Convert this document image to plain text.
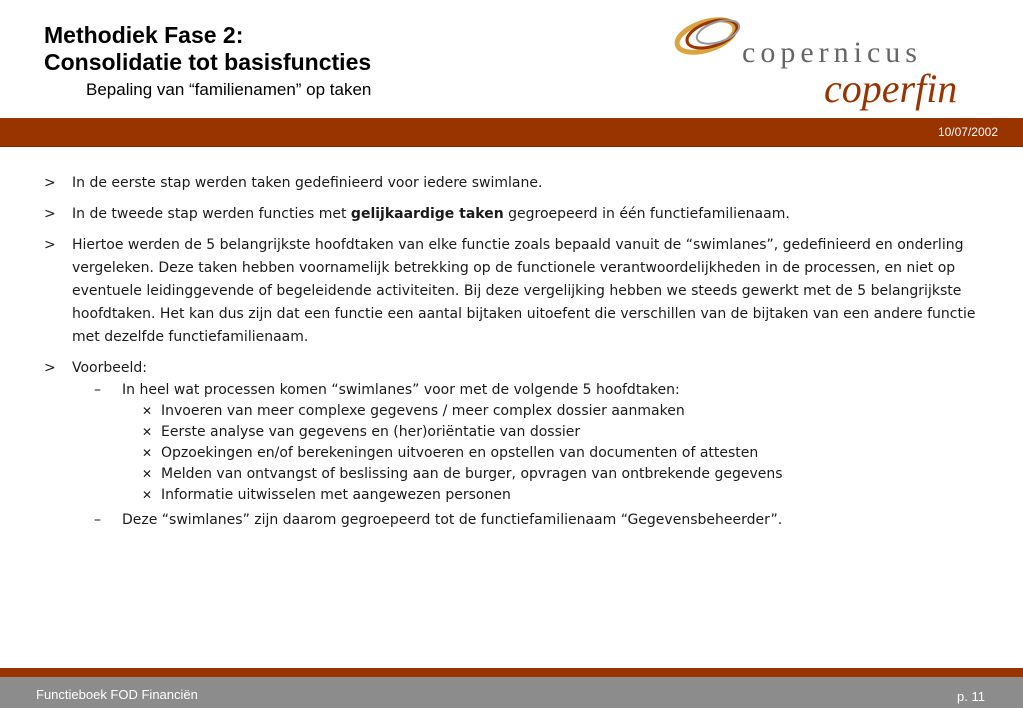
Methodiek Fase 2:
Consolidatie tot basisfuncties
Bepaling van “familienamen” op taken
copernicus
coperfin
10/07/2002
> In de eerste stap werden taken gedefinieerd voor iedere swimlane.
> In de tweede stap werden functies met gelijkaardige taken gegroepeerd in één functiefamilienaam.
> Hiertoe werden de 5 belangrijkste hoofdtaken van elke functie zoals bepaald vanuit de “swimlanes”, gedefinieerd en onderling vergeleken. Deze taken hebben voornamelijk betrekking op de functionele verantwoordelijkheden in de processen, en niet op eventuele leidinggevende of begeleidende activiteiten. Bij deze vergelijking hebben we steeds gewerkt met de 5 belangrijkste hoofdtaken. Het kan dus zijn dat een functie een aantal bijtaken uitoefent die verschillen van de bijtaken van een andere functie met dezelfde functiefamilienaam.
> Voorbeeld:
– In heel wat processen komen “swimlanes” voor met de volgende 5 hoofdtaken:
✕ Invoeren van meer complexe gegevens / meer complex dossier aanmaken
✕ Eerste analyse van gegevens en (her)oriëntatie van dossier
✕ Opzoekingen en/of berekeningen uitvoeren en opstellen van documenten of attesten
✕ Melden van ontvangst of beslissing aan de burger, opvragen van ontbrekende gegevens
✕ Informatie uitwisselen met aangewezen personen
– Deze “swimlanes” zijn daarom gegroepeerd tot de functiefamilienaam “Gegevensbeheerder”.
Functieboek FOD Financiën	p. 11
